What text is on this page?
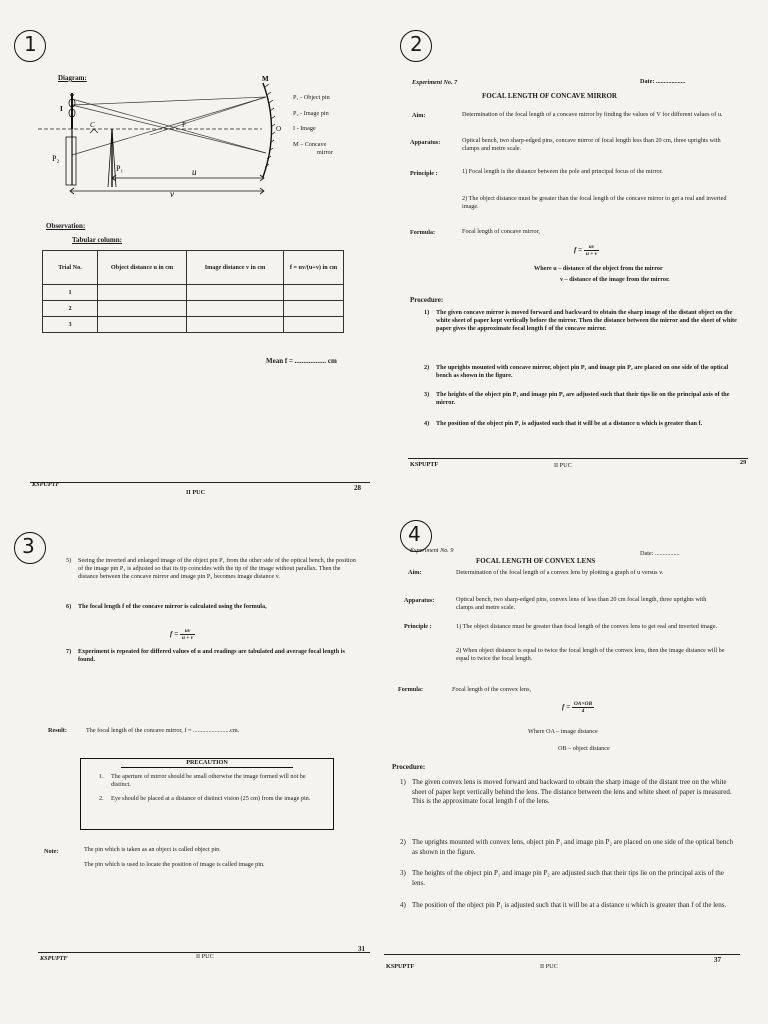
1
Diagram:	M
I
C	F	O
P₂
P₁	u
v
P₁ - Object pin
P₂ - Image pin
I - Image
M – Concave
mirror
Observation:
Tabular column:
Trial No.	Object distance u in cm	Image distance v in cm	f = uv/(u+v) in cm
1			
2			
3			
Mean f = .................. cm
KSPUPTF
II PUC
28
2
Experiment No. 7	Date: ...................
FOCAL LENGTH OF CONCAVE MIRROR
Aim:	Determination of the focal length of a concave mirror by finding the values of V for different values of u.
Apparatus:	Optical bench, two sharp-edged pins, concave mirror of focal length less than 20 cm, three uprights with clamps and metre scale.
Principle :	1) Focal length is the distance between the pole and principal focus of the mirror.
2) The object distance must be greater than the focal length of the concave mirror to get a real and inverted image.
Formula:	Focal length of concave mirror,
$f = \frac{uv}{u + v}$
Where u – distance of the object from the mirror
v – distance of the image from the mirror.
Procedure:
1)	The given concave mirror is moved forward and backward to obtain the sharp image of the distant object on the white sheet of paper kept vertically before the mirror. Then the distance between the mirror and the sheet of white paper gives the approximate focal length f of the concave mirror.
2)	The uprights mounted with concave mirror, object pin P₁ and image pin P₂ are placed on one side of the optical bench as shown in the figure.
3)	The heights of the object pin P₁ and image pin P₂ are adjusted such that their tips lie on the principal axis of the mirror.
4)	The position of the object pin P₁ is adjusted such that it will be at a distance u which is greater than f.
KSPUPTF	II PUC	29
3
5)	Seeing the inverted and enlarged image of the object pin P₁ from the other side of the optical bench, the position of the image pin P₂ is adjusted so that its tip coincides with the tip of the image without parallax. Then the distance between the concave mirror and image pin P₂ becomes image distance v.
6)	The focal length f of the concave mirror is calculated using the formula,
$f = \frac{uv}{u + v}$
7)	Experiment is repeated for differed values of u and readings are tabulated and average focal length is found.
Result:	The focal length of the concave mirror, f = ........................cm.
PRECAUTION
1.	The aperture of mirror should be small otherwise the image formed will not be distinct.
2.	Eye should be placed at a distance of distinct vision (25 cm) from the image pin.
Note:	The pin which is taken as an object is called object pin.
The pin which is used to locate the position of image is called image pin.
KSPUPTF	II PUC
31
4
Experiment No. 9	Date: ................
FOCAL LENGTH OF CONVEX LENS
Aim:	Determination of the focal length of a convex lens by plotting a graph of u versus v.
Apparatus:	Optical bench, two sharp-edged pins, convex lens of less than 20 cm focal length, three uprights with clamps and metre scale.
Principle :	1) The object distance must be greater than focal length of the convex lens to get real and inverted image.
2) When object distance is equal to twice the focal length of the convex lens, then the image distance will be equal to twice the focal length.
Formula:	Focal length of the convex lens,
$f = \frac{OA\times OB}{4}$
Where OA – image distance
OB – object distance
Procedure:
1) The given convex lens is moved forward and backward to obtain the sharp image of the distant tree on the white sheet of paper kept vertically behind the lens. The distance between the lens and white sheet of paper is measured. This is the approximate focal length f of the lens.
2) The uprights mounted with convex lens, object pin P₁ and image pin P₂ are placed on one side of the optical bench as shown in the figure.
3) The heights of the object pin P₁ and image pin P₂ are adjusted such that their tips lie on the principal axis of the lens.
4) The position of the object pin P₁ is adjusted such that it will be at a distance u which is greater than f of the lens.
KSPUPTF	II PUC
37
